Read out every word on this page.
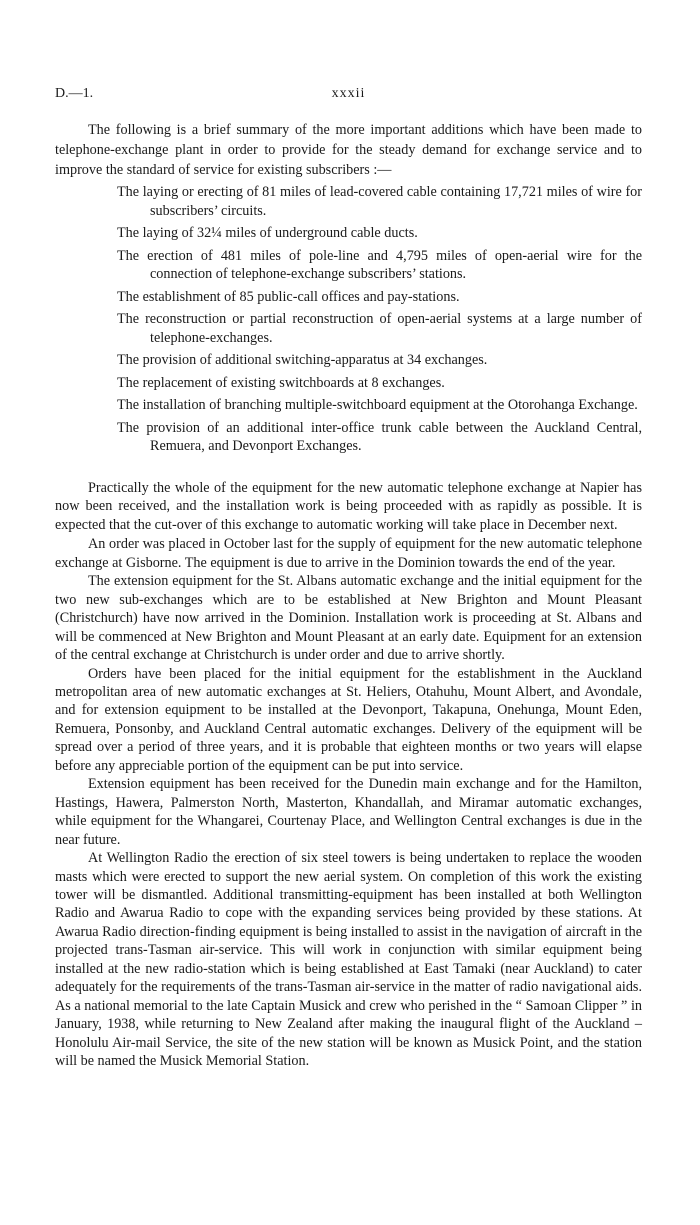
D.—1.	xxxii

The following is a brief summary of the more important additions which have been made to telephone-exchange plant in order to provide for the steady demand for exchange service and to improve the standard of service for existing subscribers :—

The laying or erecting of 81 miles of lead-covered cable containing 17,721 miles of wire for subscribers’ circuits.
The laying of 32¼ miles of underground cable ducts.
The erection of 481 miles of pole-line and 4,795 miles of open-aerial wire for the connection of telephone-exchange subscribers’ stations.
The establishment of 85 public-call offices and pay-stations.
The reconstruction or partial reconstruction of open-aerial systems at a large number of telephone-exchanges.
The provision of additional switching-apparatus at 34 exchanges.
The replacement of existing switchboards at 8 exchanges.
The installation of branching multiple-switchboard equipment at the Otorohanga Exchange.
The provision of an additional inter-office trunk cable between the Auckland Central, Remuera, and Devonport Exchanges.

Practically the whole of the equipment for the new automatic telephone exchange at Napier has now been received, and the installation work is being proceeded with as rapidly as possible. It is expected that the cut-over of this exchange to automatic working will take place in December next.

An order was placed in October last for the supply of equipment for the new automatic telephone exchange at Gisborne. The equipment is due to arrive in the Dominion towards the end of the year.

The extension equipment for the St. Albans automatic exchange and the initial equipment for the two new sub-exchanges which are to be established at New Brighton and Mount Pleasant (Christchurch) have now arrived in the Dominion. Installation work is proceeding at St. Albans and will be commenced at New Brighton and Mount Pleasant at an early date. Equipment for an extension of the central exchange at Christchurch is under order and due to arrive shortly.

Orders have been placed for the initial equipment for the establishment in the Auckland metropolitan area of new automatic exchanges at St. Heliers, Otahuhu, Mount Albert, and Avondale, and for extension equipment to be installed at the Devonport, Takapuna, Onehunga, Mount Eden, Remuera, Ponsonby, and Auckland Central automatic exchanges. Delivery of the equipment will be spread over a period of three years, and it is probable that eighteen months or two years will elapse before any appreciable portion of the equipment can be put into service.

Extension equipment has been received for the Dunedin main exchange and for the Hamilton, Hastings, Hawera, Palmerston North, Masterton, Khandallah, and Miramar automatic exchanges, while equipment for the Whangarei, Courtenay Place, and Wellington Central exchanges is due in the near future.

At Wellington Radio the erection of six steel towers is being undertaken to replace the wooden masts which were erected to support the new aerial system. On completion of this work the existing tower will be dismantled. Additional transmitting-equipment has been installed at both Wellington Radio and Awarua Radio to cope with the expanding services being provided by these stations. At Awarua Radio direction-finding equipment is being installed to assist in the navigation of aircraft in the projected trans-Tasman air-service. This will work in conjunction with similar equipment being installed at the new radio-station which is being established at East Tamaki (near Auckland) to cater adequately for the requirements of the trans-Tasman air-service in the matter of radio navigational aids. As a national memorial to the late Captain Musick and crew who perished in the “ Samoan Clipper ” in January, 1938, while returning to New Zealand after making the inaugural flight of the Auckland – Honolulu Air-mail Service, the site of the new station will be known as Musick Point, and the station will be named the Musick Memorial Station.
